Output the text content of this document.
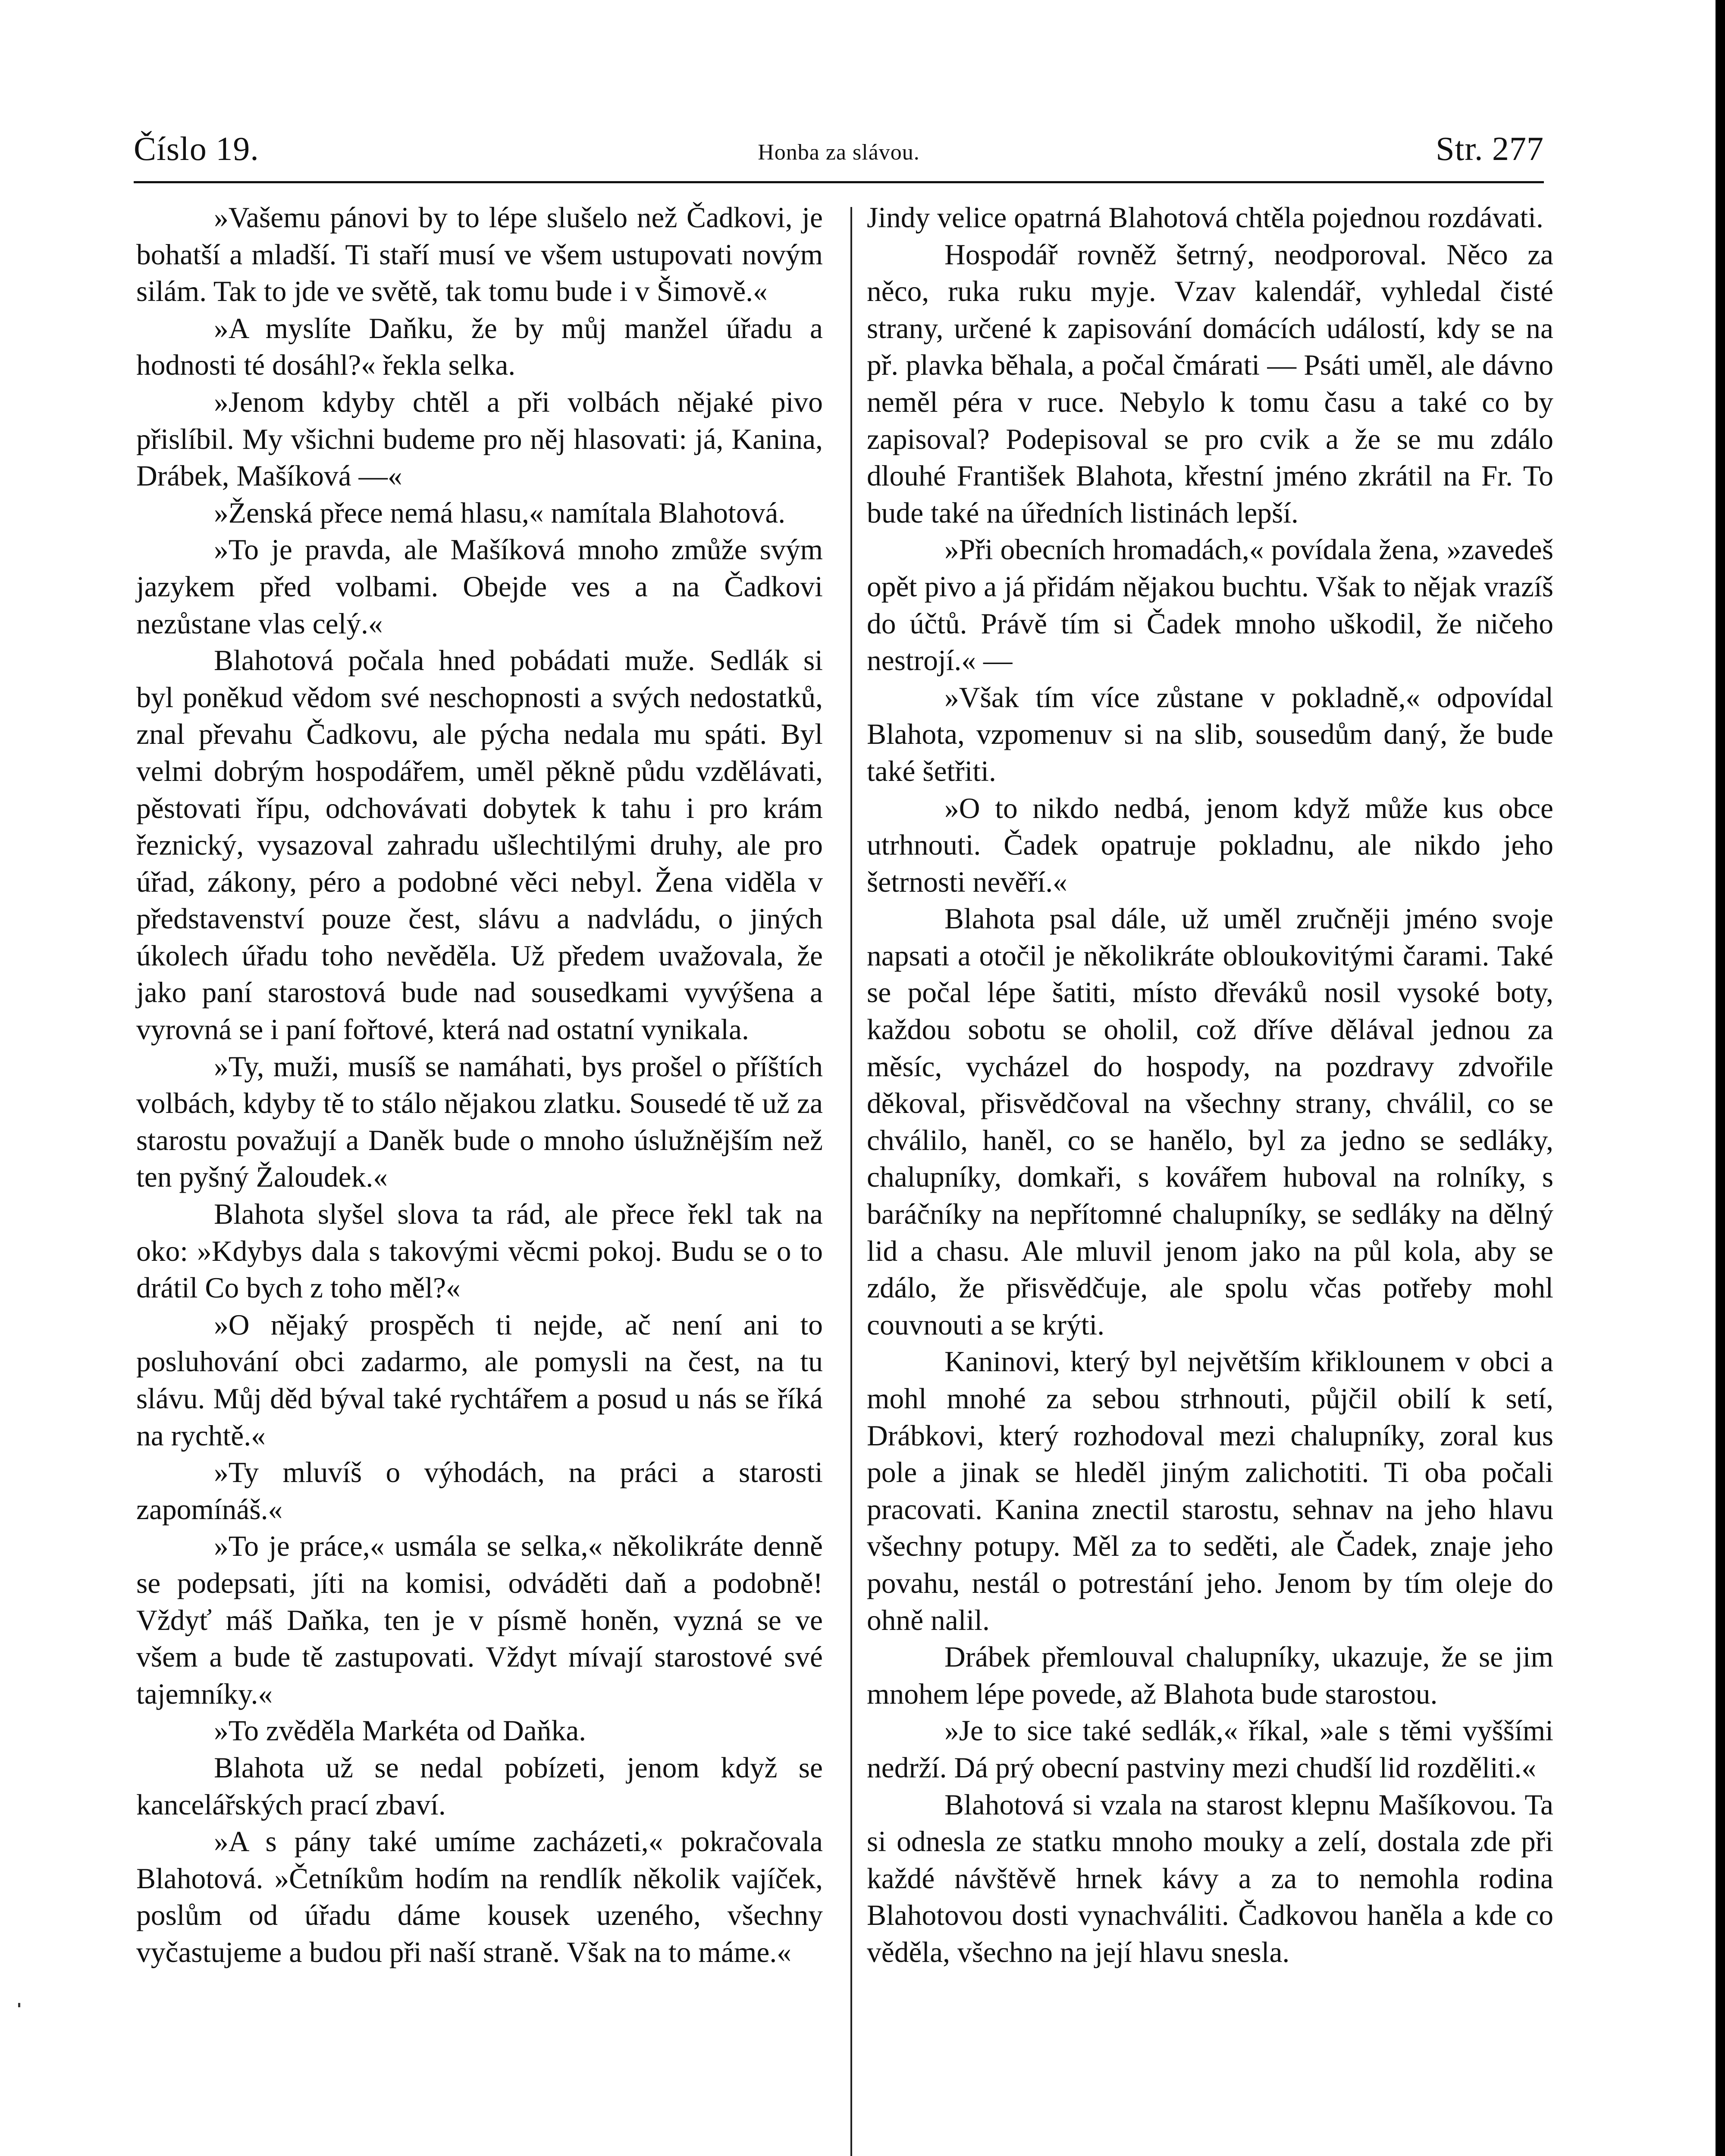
Číslo 19.	Honba za slávou.	Str. 277

»Vašemu pánovi by to lépe slušelo než Čadkovi, je bohatší a mladší. Ti staří musí ve všem ustupovati novým silám. Tak to jde ve světě, tak tomu bude i v Šimově.«

»A myslíte Daňku, že by můj manžel úřadu a hodnosti té dosáhl?« řekla selka.

»Jenom kdyby chtěl a při volbách nějaké pivo přislíbil. My všichni budeme pro něj hlasovati: já, Kanina, Drábek, Mašíková —«

»Ženská přece nemá hlasu,« namítala Blahotová.

»To je pravda, ale Mašíková mnoho zmůže svým jazykem před volbami. Obejde ves a na Čadkovi nezůstane vlas celý.«

Blahotová počala hned pobádati muže. Sedlák si byl poněkud vědom své neschopnosti a svých nedostatků, znal převahu Čadkovu, ale pýcha nedala mu spáti. Byl velmi dobrým hospodářem, uměl pěkně půdu vzdělávati, pěstovati řípu, odchovávati dobytek k tahu i pro krám řeznický, vysazoval zahradu ušlechtilými druhy, ale pro úřad, zákony, péro a podobné věci nebyl. Žena viděla v představenství pouze čest, slávu a nadvládu, o jiných úkolech úřadu toho nevěděla. Už předem uvažovala, že jako paní starostová bude nad sousedkami vyvýšena a vyrovná se i paní fořtové, která nad ostatní vynikala.

»Ty, muži, musíš se namáhati, bys prošel o příštích volbách, kdyby tě to stálo nějakou zlatku. Sousedé tě už za starostu považují a Daněk bude o mnoho úslužnějším než ten pyšný Žaloudek.«

Blahota slyšel slova ta rád, ale přece řekl tak na oko: »Kdybys dala s takovými věcmi pokoj. Budu se o to drátil Co bych z toho měl?«

»O nějaký prospěch ti nejde, ač není ani to posluhování obci zadarmo, ale pomysli na čest, na tu slávu. Můj děd býval také rychtářem a posud u nás se říká na rychtě.«

»Ty mluvíš o výhodách, na práci a starosti zapomínáš.«

»To je práce,« usmála se selka,« několikráte denně se podepsati, jíti na komisi, odváděti daň a podobně! Vždyť máš Daňka, ten je v písmě honěn, vyzná se ve všem a bude tě zastupovati. Vždyt mívají starostové své tajemníky.«

»To zvěděla Markéta od Daňka.

Blahota už se nedal pobízeti, jenom když se kancelářských prací zbaví.

»A s pány také umíme zacházeti,« pokračovala Blahotová. »Četníkům hodím na rendlík několik vajíček, poslům od úřadu dáme kousek uzeného, všechny vyčastujeme a budou při naší straně. Však na to máme.«

Jindy velice opatrná Blahotová chtěla pojednou rozdávati.

Hospodář rovněž šetrný, neodporoval. Něco za něco, ruka ruku myje. Vzav kalendář, vyhledal čisté strany, určené k zapisování domácích událostí, kdy se na př. plavka běhala, a počal čmárati — Psáti uměl, ale dávno neměl péra v ruce. Nebylo k tomu času a také co by zapisoval? Podepisoval se pro cvik a že se mu zdálo dlouhé František Blahota, křestní jméno zkrátil na Fr. To bude také na úředních listinách lepší.

»Při obecních hromadách,« povídala žena, »zavedeš opět pivo a já přidám nějakou buchtu. Však to nějak vrazíš do účtů. Právě tím si Čadek mnoho uškodil, že ničeho nestrojí.« —

»Však tím více zůstane v pokladně,« odpovídal Blahota, vzpomenuv si na slib, sousedům daný, že bude také šetřiti.

»O to nikdo nedbá, jenom když může kus obce utrhnouti. Čadek opatruje pokladnu, ale nikdo jeho šetrnosti nevěří.«

Blahota psal dále, už uměl zručněji jméno svoje napsati a otočil je několikráte obloukovitými čarami. Také se počal lépe šatiti, místo dřeváků nosil vysoké boty, každou sobotu se oholil, což dříve dělával jednou za měsíc, vycházel do hospody, na pozdravy zdvořile děkoval, přisvědčoval na všechny strany, chválil, co se chválilo, haněl, co se hanělo, byl za jedno se sedláky, chalupníky, domkaři, s kovářem huboval na rolníky, s baráčníky na nepřítomné chalupníky, se sedláky na dělný lid a chasu. Ale mluvil jenom jako na půl kola, aby se zdálo, že přisvědčuje, ale spolu včas potřeby mohl couvnouti a se krýti.

Kaninovi, který byl největším křiklounem v obci a mohl mnohé za sebou strhnouti, půjčil obilí k setí, Drábkovi, který rozhodoval mezi chalupníky, zoral kus pole a jinak se hleděl jiným zalichotiti. Ti oba počali pracovati. Kanina znectil starostu, sehnav na jeho hlavu všechny potupy. Měl za to seděti, ale Čadek, znaje jeho povahu, nestál o potrestání jeho. Jenom by tím oleje do ohně nalil.

Drábek přemlouval chalupníky, ukazuje, že se jim mnohem lépe povede, až Blahota bude starostou.

»Je to sice také sedlák,« říkal, »ale s těmi vyššími nedrží. Dá prý obecní pastviny mezi chudší lid rozděliti.«

Blahotová si vzala na starost klepnu Mašíkovou. Ta si odnesla ze statku mnoho mouky a zelí, dostala zde při každé návštěvě hrnek kávy a za to nemohla rodina Blahotovou dosti vynachváliti. Čadkovou haněla a kde co věděla, všechno na její hlavu snesla.
